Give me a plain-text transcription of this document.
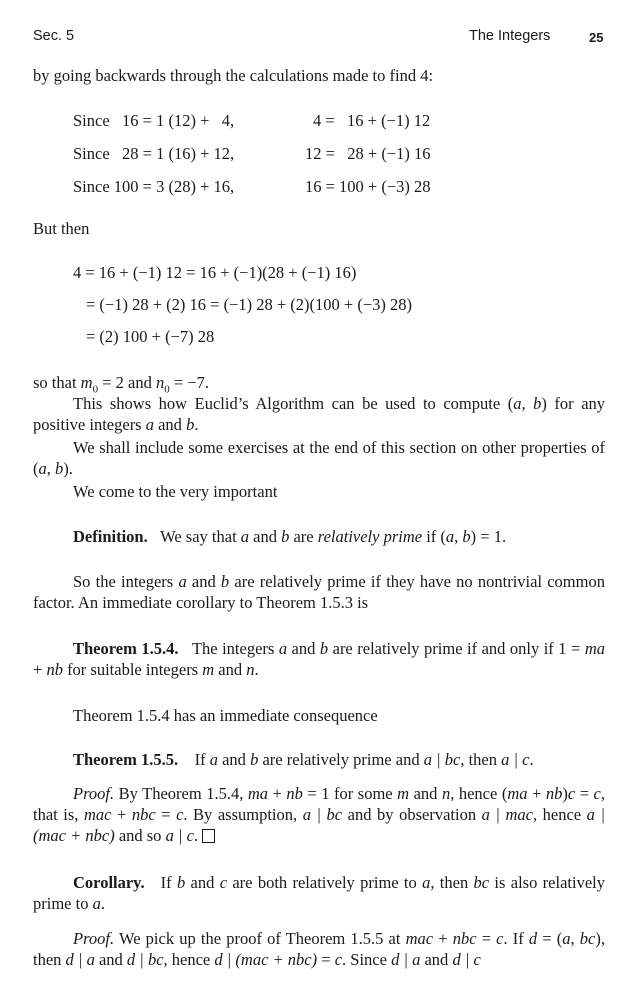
Sec. 5	The Integers	25
by going backwards through the calculations made to find 4:
Since   16 = 1 (12) +   4,	4 =   16 + (−1) 12
Since   28 = 1 (16) + 12,	12 =   28 + (−1) 16
Since 100 = 3 (28) + 16,	16 = 100 + (−3) 28
But then
4 = 16 + (−1) 12 = 16 + (−1)(28 + (−1) 16)
= (−1) 28 + (2) 16 = (−1) 28 + (2)(100 + (−3) 28)
= (2) 100 + (−7) 28
so that $m_0 = 2$ and $n_0 = -7$.
This shows how Euclid’s Algorithm can be used to compute (a, b) for any positive integers a and b.
We shall include some exercises at the end of this section on other properties of (a, b).
We come to the very important
Definition. We say that a and b are relatively prime if (a, b) = 1.
So the integers a and b are relatively prime if they have no nontrivial common factor. An immediate corollary to Theorem 1.5.3 is
Theorem 1.5.4. The integers a and b are relatively prime if and only if 1 = ma + nb for suitable integers m and n.
Theorem 1.5.4 has an immediate consequence
Theorem 1.5.5. If a and b are relatively prime and a | bc, then a | c.
Proof. By Theorem 1.5.4, ma + nb = 1 for some m and n, hence (ma + nb)c = c, that is, mac + nbc = c. By assumption, a | bc and by observation a | mac, hence a | (mac + nbc) and so a | c.
Corollary. If b and c are both relatively prime to a, then bc is also relatively prime to a.
Proof. We pick up the proof of Theorem 1.5.5 at mac + nbc = c. If d = (a, bc), then d | a and d | bc, hence d | (mac + nbc) = c. Since d | a and d | c
